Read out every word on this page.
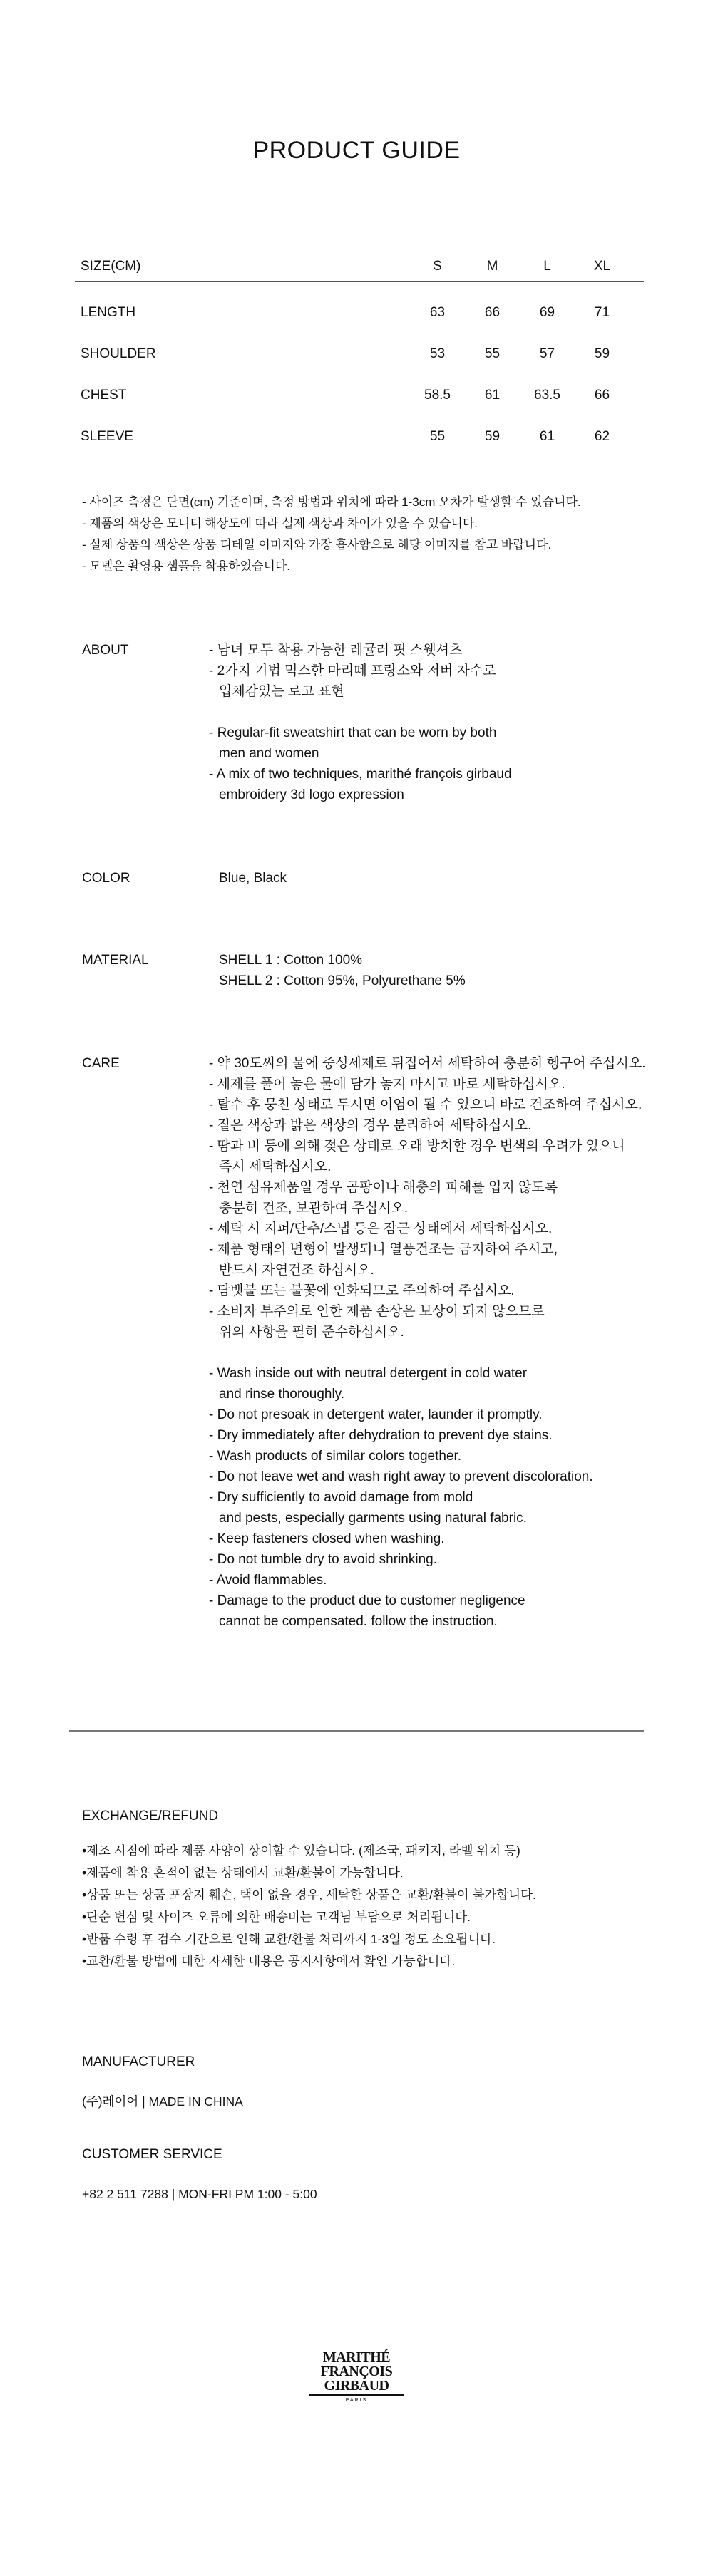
PRODUCT GUIDE
SIZE(CM)	S	M	L	XL
LENGTH	63	66	69	71
SHOULDER	53	55	57	59
CHEST	58.5	61	63.5	66
SLEEVE	55	59	61	62
- 사이즈 측정은 단면(cm) 기준이며, 측정 방법과 위치에 따라 1-3cm 오차가 발생할 수 있습니다.
- 제품의 색상은 모니터 해상도에 따라 실제 색상과 차이가 있을 수 있습니다.
- 실제 상품의 색상은 상품 디테일 이미지와 가장 흡사함으로 해당 이미지를 참고 바랍니다.
- 모델은 촬영용 샘플을 착용하였습니다.
ABOUT	- 남녀 모두 착용 가능한 레귤러 핏 스웻셔츠
- 2가지 기법 믹스한 마리떼 프랑소와 저버 자수로
입체감있는 로고 표현
- Regular-fit sweatshirt that can be worn by both
men and women
- A mix of two techniques, marithé françois girbaud
embroidery 3d logo expression
COLOR	Blue, Black
MATERIAL	SHELL 1 : Cotton 100%
SHELL 2 : Cotton 95%, Polyurethane 5%
CARE	- 약 30도씨의 물에 중성세제로 뒤집어서 세탁하여 충분히 헹구어 주십시오.
- 세제를 풀어 놓은 물에 담가 놓지 마시고 바로 세탁하십시오.
- 탈수 후 뭉친 상태로 두시면 이염이 될 수 있으니 바로 건조하여 주십시오.
- 짙은 색상과 밝은 색상의 경우 분리하여 세탁하십시오.
- 땀과 비 등에 의해 젖은 상태로 오래 방치할 경우 변색의 우려가 있으니
즉시 세탁하십시오.
- 천연 섬유제품일 경우 곰팡이나 해충의 피해를 입지 않도록
충분히 건조, 보관하여 주십시오.
- 세탁 시 지퍼/단추/스냅 등은 잠근 상태에서 세탁하십시오.
- 제품 형태의 변형이 발생되니 열풍건조는 금지하여 주시고,
반드시 자연건조 하십시오.
- 담뱃불 또는 불꽃에 인화되므로 주의하여 주십시오.
- 소비자 부주의로 인한 제품 손상은 보상이 되지 않으므로
위의 사항을 필히 준수하십시오.
- Wash inside out with neutral detergent in cold water
and rinse thoroughly.
- Do not presoak in detergent water, launder it promptly.
- Dry immediately after dehydration to prevent dye stains.
- Wash products of similar colors together.
- Do not leave wet and wash right away to prevent discoloration.
- Dry sufficiently to avoid damage from mold
and pests, especially garments using natural fabric.
- Keep fasteners closed when washing.
- Do not tumble dry to avoid shrinking.
- Avoid flammables.
- Damage to the product due to customer negligence
cannot be compensated. follow the instruction.
EXCHANGE/REFUND
•제조 시점에 따라 제품 사양이 상이할 수 있습니다. (제조국, 패키지, 라벨 위치 등)
•제품에 착용 흔적이 없는 상태에서 교환/환불이 가능합니다.
•상품 또는 상품 포장지 훼손, 택이 없을 경우, 세탁한 상품은 교환/환불이 불가합니다.
•단순 변심 및 사이즈 오류에 의한 배송비는 고객님 부담으로 처리됩니다.
•반품 수령 후 검수 기간으로 인해 교환/환불 처리까지 1-3일 정도 소요됩니다.
•교환/환불 방법에 대한 자세한 내용은 공지사항에서 확인 가능합니다.
MANUFACTURER
(주)레이어 | MADE IN CHINA
CUSTOMER SERVICE
+82 2 511 7288 | MON-FRI PM 1:00 - 5:00
MARITHÉ
FRANÇOIS
GIRBAUD
PARIS
